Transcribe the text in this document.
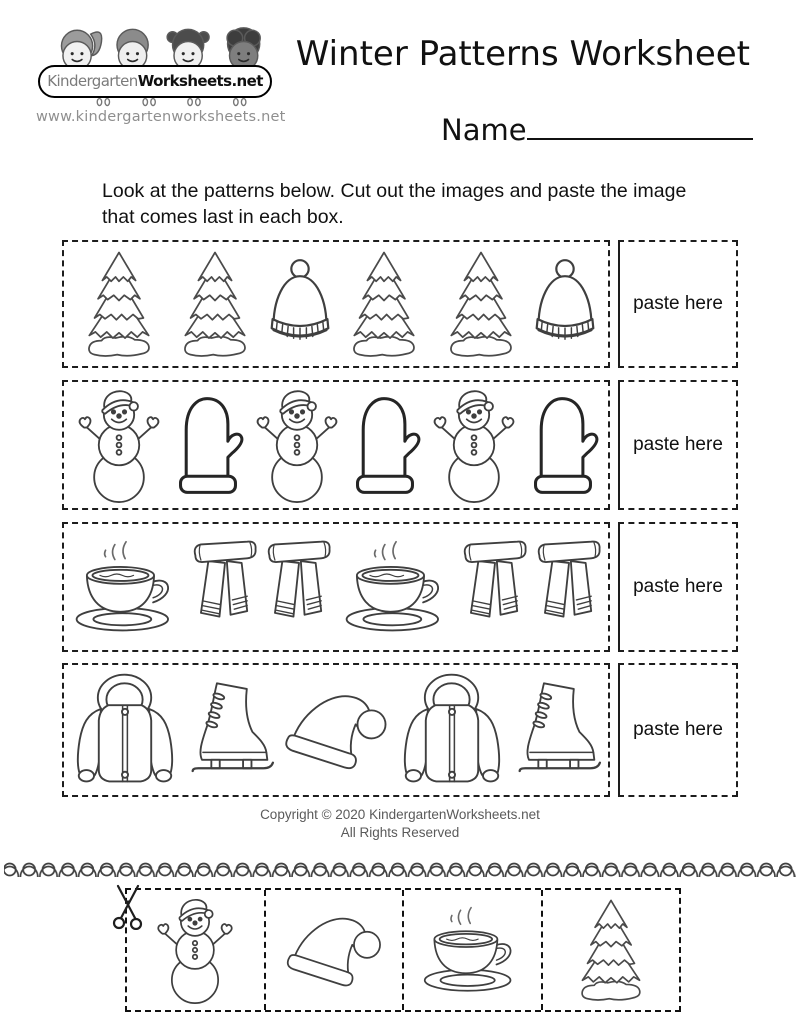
KindergartenWorksheets.net
www.kindergartenworksheets.net
Winter Patterns Worksheet
Name
Look at the patterns below. Cut out the images and paste the image that comes last in each box.
paste here
paste here
paste here
paste here
Copyright © 2020 KindergartenWorksheets.net
All Rights Reserved
